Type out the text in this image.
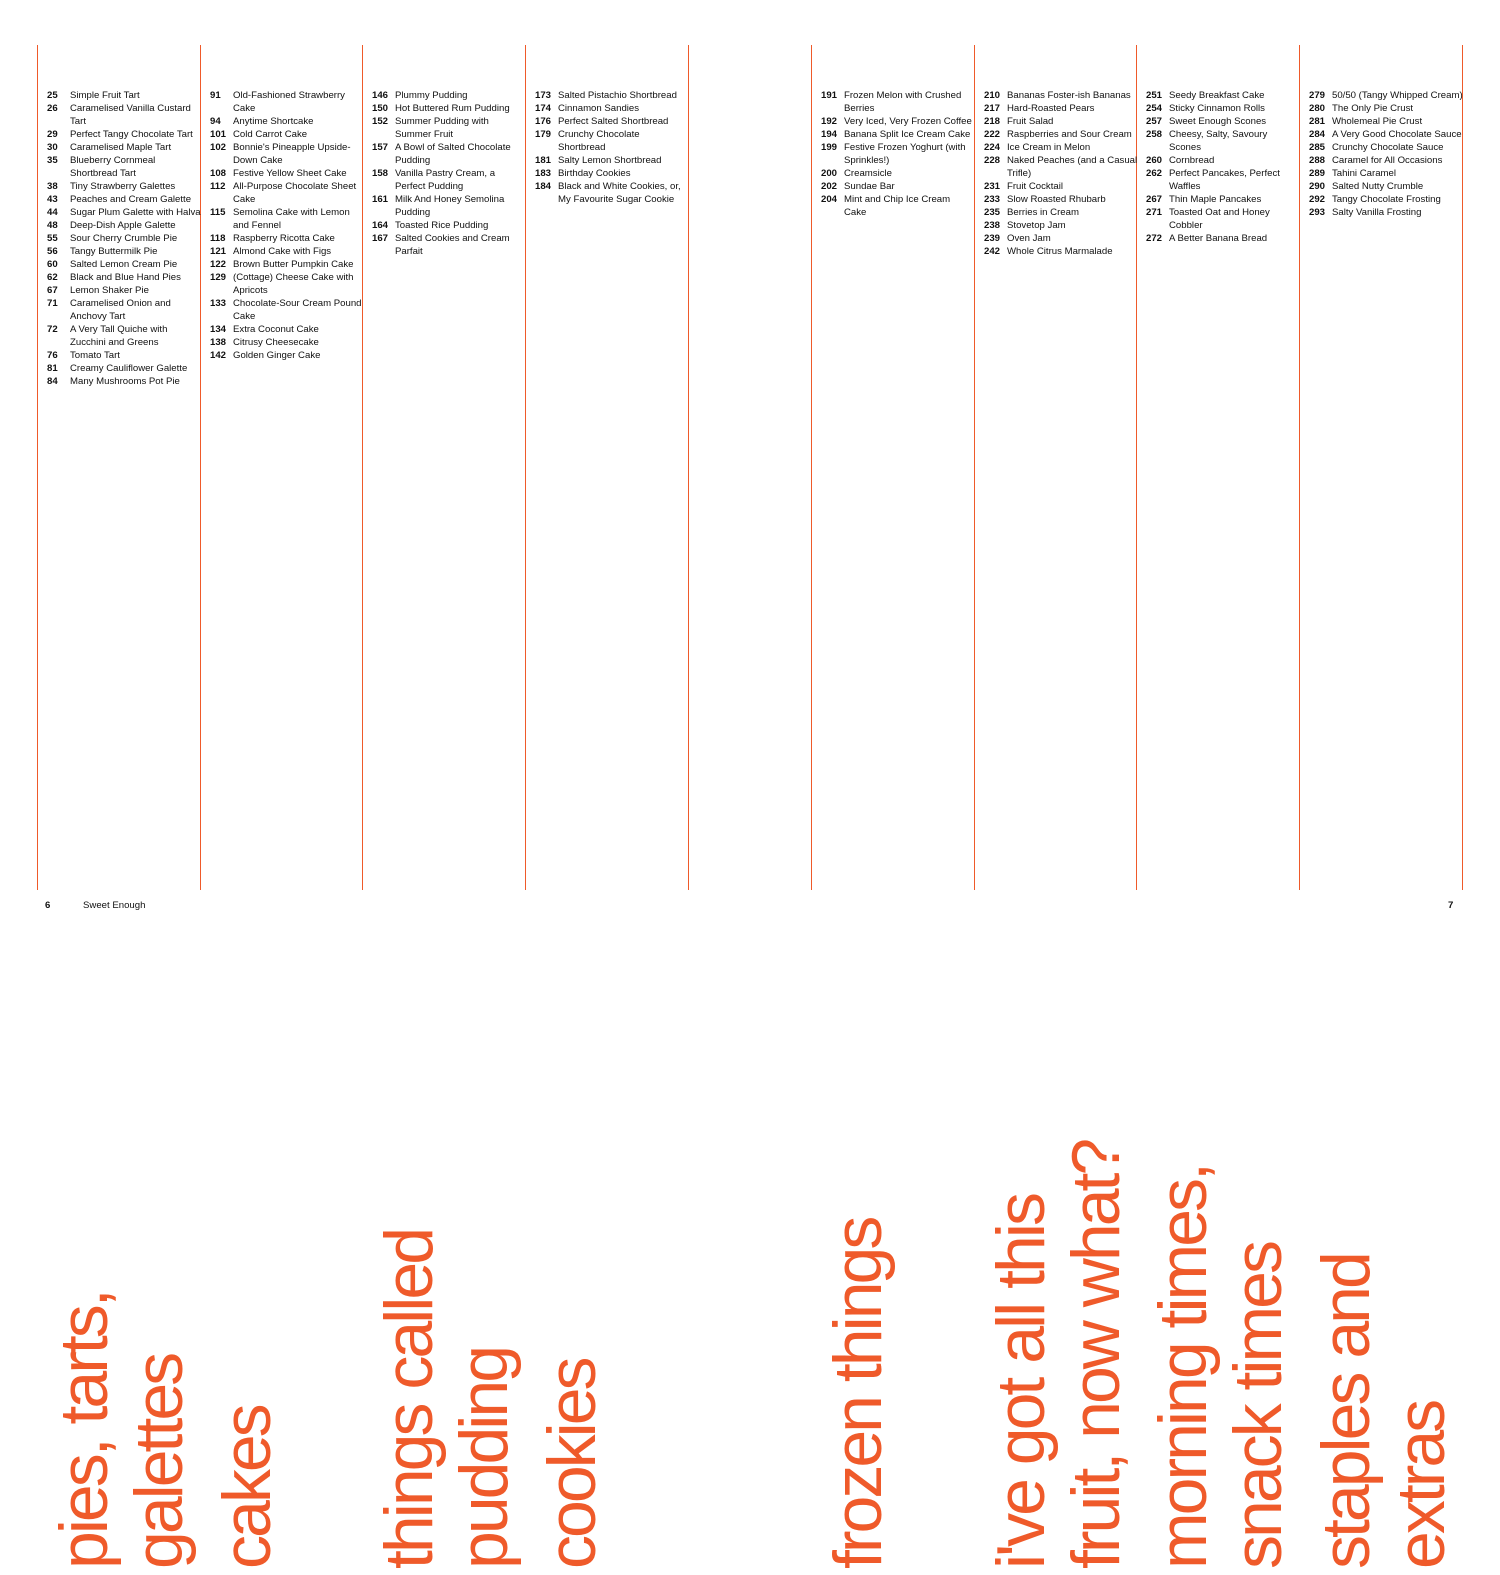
25	Simple Fruit Tart
26	Caramelised Vanilla Custard Tart
29	Perfect Tangy Chocolate Tart
30	Caramelised Maple Tart
35	Blueberry Cornmeal Shortbread Tart
38	Tiny Strawberry Galettes
43	Peaches and Cream Galette
44	Sugar Plum Galette with Halva
48	Deep-Dish Apple Galette
55	Sour Cherry Crumble Pie
56	Tangy Buttermilk Pie
60	Salted Lemon Cream Pie
62	Black and Blue Hand Pies
67	Lemon Shaker Pie
71	Caramelised Onion and Anchovy Tart
72	A Very Tall Quiche with Zucchini and Greens
76	Tomato Tart
81	Creamy Cauliflower Galette
84	Many Mushrooms Pot Pie
pies, tarts, galettes
91	Old-Fashioned Strawberry Cake
94	Anytime Shortcake
101 Cold Carrot Cake
102 Bonnie's Pineapple Upside-Down Cake
108 Festive Yellow Sheet Cake
112 All-Purpose Chocolate Sheet Cake
115 Semolina Cake with Lemon and Fennel
118 Raspberry Ricotta Cake
121 Almond Cake with Figs
122 Brown Butter Pumpkin Cake
129 (Cottage) Cheese Cake with Apricots
133 Chocolate-Sour Cream Pound Cake
134 Extra Coconut Cake
138 Citrusy Cheesecake
142 Golden Ginger Cake
cakes
146 Plummy Pudding
150 Hot Buttered Rum Pudding
152 Summer Pudding with Summer Fruit
157 A Bowl of Salted Chocolate Pudding
158 Vanilla Pastry Cream, a Perfect Pudding
161 Milk And Honey Semolina Pudding
164 Toasted Rice Pudding
167 Salted Cookies and Cream Parfait
things called pudding
173 Salted Pistachio Shortbread
174 Cinnamon Sandies
176 Perfect Salted Shortbread
179 Crunchy Chocolate Shortbread
181 Salty Lemon Shortbread
183 Birthday Cookies
184 Black and White Cookies, or, My Favourite Sugar Cookie
cookies
191 Frozen Melon with Crushed Berries
192 Very Iced, Very Frozen Coffee
194 Banana Split Ice Cream Cake
199 Festive Frozen Yoghurt (with Sprinkles!)
200 Creamsicle
202 Sundae Bar
204 Mint and Chip Ice Cream Cake
frozen things
210 Bananas Foster-ish Bananas
217 Hard-Roasted Pears
218 Fruit Salad
222 Raspberries and Sour Cream
224 Ice Cream in Melon
228 Naked Peaches (and a Casual Trifle)
231 Fruit Cocktail
233 Slow Roasted Rhubarb
235 Berries in Cream
238 Stovetop Jam
239 Oven Jam
242 Whole Citrus Marmalade
i've got all this fruit, now what?
251 Seedy Breakfast Cake
254 Sticky Cinnamon Rolls
257 Sweet Enough Scones
258 Cheesy, Salty, Savoury Scones
260 Cornbread
262 Perfect Pancakes, Perfect Waffles
267 Thin Maple Pancakes
271 Toasted Oat and Honey Cobbler
272 A Better Banana Bread
morning times, snack times
279 50/50 (Tangy Whipped Cream)
280 The Only Pie Crust
281 Wholemeal Pie Crust
284 A Very Good Chocolate Sauce
285 Crunchy Chocolate Sauce
288 Caramel for All Occasions
289 Tahini Caramel
290 Salted Nutty Crumble
292 Tangy Chocolate Frosting
293 Salty Vanilla Frosting
staples and extras
6	Sweet Enough	7
